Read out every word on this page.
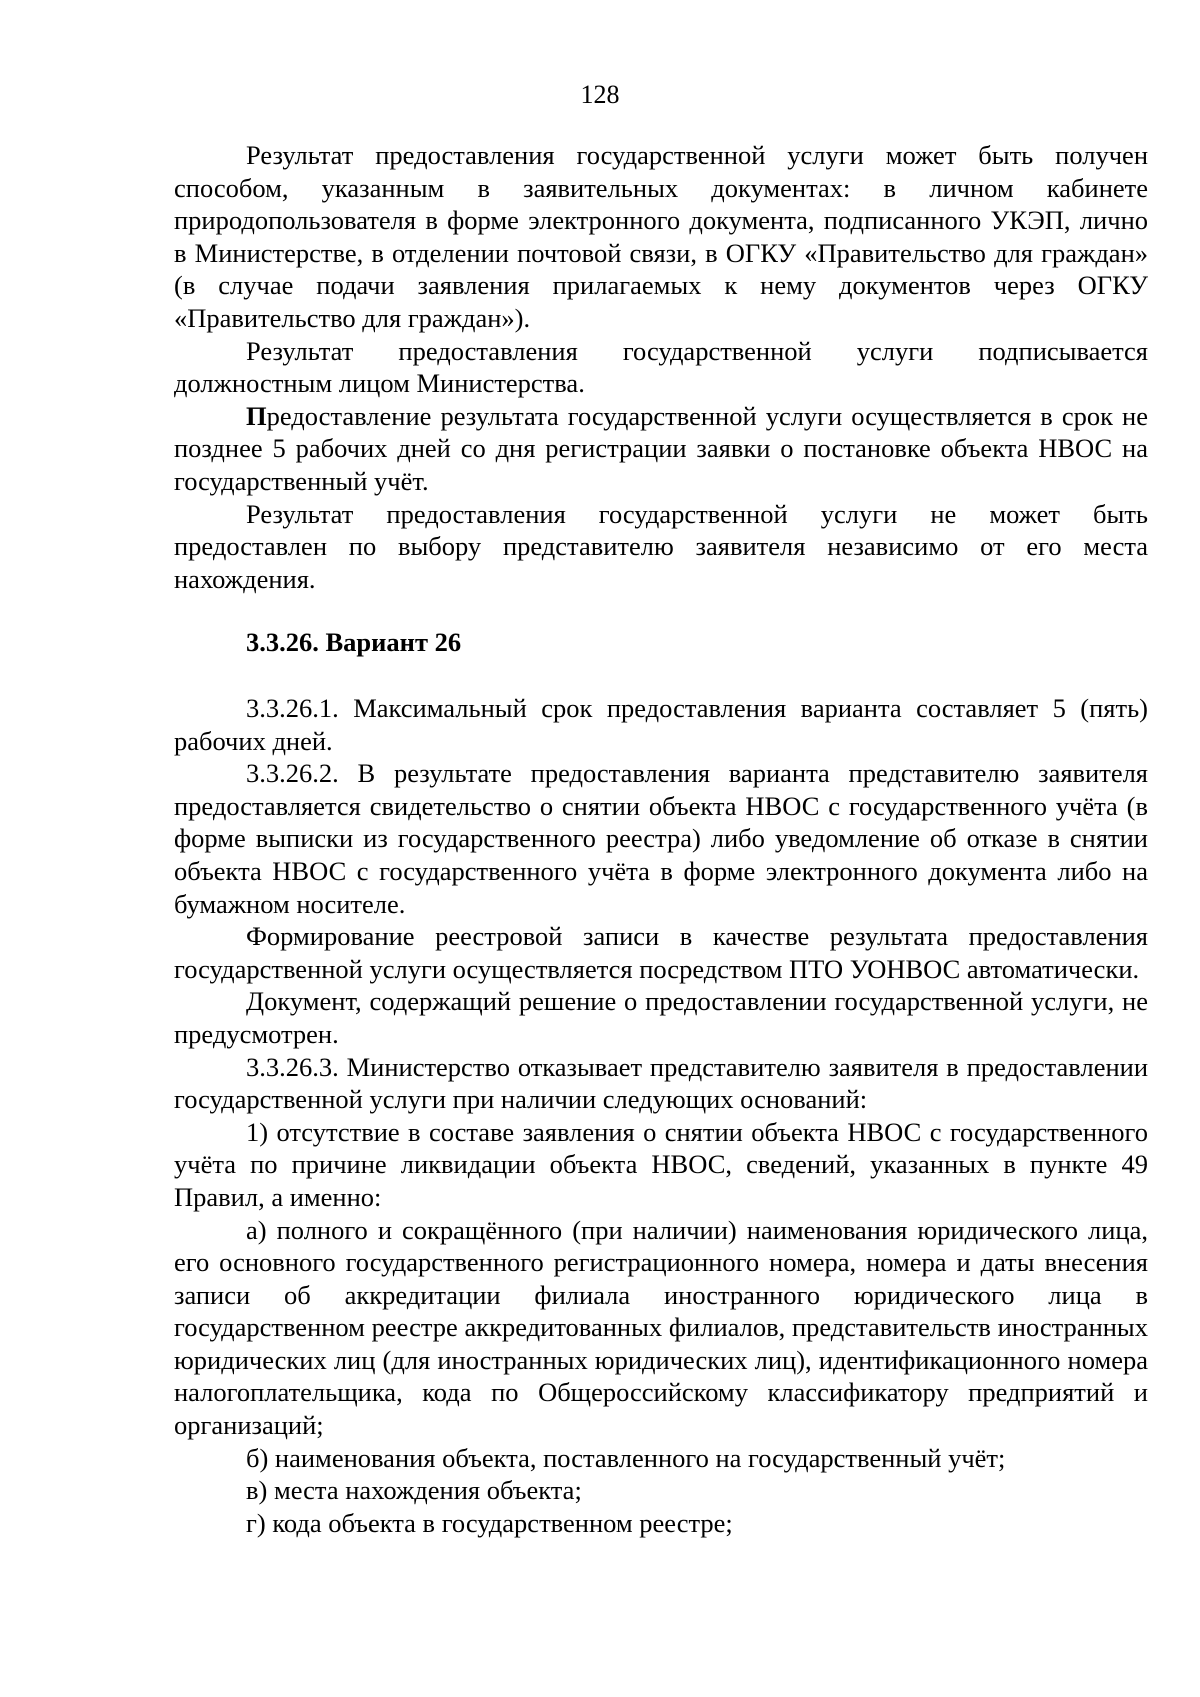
128

Результат предоставления государственной услуги может быть получен способом, указанным в заявительных документах: в личном кабинете природопользователя в форме электронного документа, подписанного УКЭП, лично в Министерстве, в отделении почтовой связи, в ОГКУ «Правительство для граждан» (в случае подачи заявления прилагаемых к нему документов через ОГКУ «Правительство для граждан»).

Результат предоставления государственной услуги подписывается должностным лицом Министерства.

Предоставление результата государственной услуги осуществляется в срок не позднее 5 рабочих дней со дня регистрации заявки о постановке объекта НВОС на государственный учёт.

Результат предоставления государственной услуги не может быть предоставлен по выбору представителю заявителя независимо от его места нахождения.

3.3.26. Вариант 26

3.3.26.1. Максимальный срок предоставления варианта составляет 5 (пять) рабочих дней.

3.3.26.2. В результате предоставления варианта представителю заявителя предоставляется свидетельство о снятии объекта НВОС с государственного учёта (в форме выписки из государственного реестра) либо уведомление об отказе в снятии объекта НВОС с государственного учёта в форме электронного документа либо на бумажном носителе.

Формирование реестровой записи в качестве результата предоставления государственной услуги осуществляется посредством ПТО УОНВОС автоматически.

Документ, содержащий решение о предоставлении государственной услуги, не предусмотрен.

3.3.26.3. Министерство отказывает представителю заявителя в предоставлении государственной услуги при наличии следующих оснований:

1) отсутствие в составе заявления о снятии объекта НВОС с государственного учёта по причине ликвидации объекта НВОС, сведений, указанных в пункте 49 Правил, а именно:

а) полного и сокращённого (при наличии) наименования юридического лица, его основного государственного регистрационного номера, номера и даты внесения записи об аккредитации филиала иностранного юридического лица в государственном реестре аккредитованных филиалов, представительств иностранных юридических лиц (для иностранных юридических лиц), идентификационного номера налогоплательщика, кода по Общероссийскому классификатору предприятий и организаций;

б) наименования объекта, поставленного на государственный учёт;

в) места нахождения объекта;

г) кода объекта в государственном реестре;
